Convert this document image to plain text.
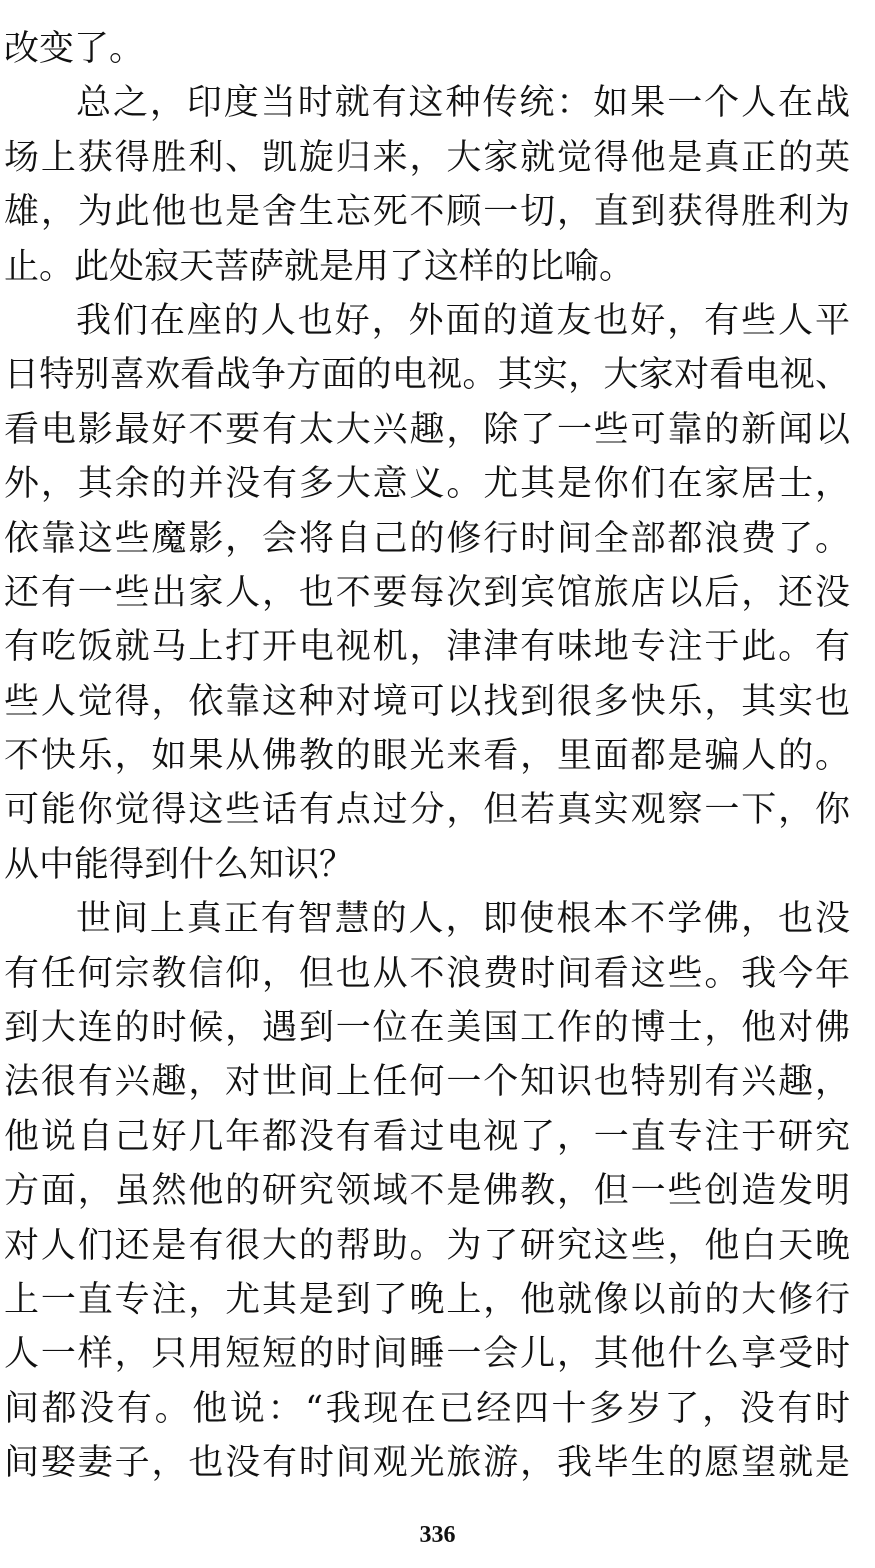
改变了。
总之，印度当时就有这种传统：如果一个人在战
场上获得胜利、凯旋归来，大家就觉得他是真正的英
雄，为此他也是舍生忘死不顾一切，直到获得胜利为
止。此处寂天菩萨就是用了这样的比喻。
我们在座的人也好，外面的道友也好，有些人平
日特别喜欢看战争方面的电视。其实，大家对看电视、
看电影最好不要有太大兴趣，除了一些可靠的新闻以
外，其余的并没有多大意义。尤其是你们在家居士，
依靠这些魔影，会将自己的修行时间全部都浪费了。
还有一些出家人，也不要每次到宾馆旅店以后，还没
有吃饭就马上打开电视机，津津有味地专注于此。有
些人觉得，依靠这种对境可以找到很多快乐，其实也
不快乐，如果从佛教的眼光来看，里面都是骗人的。
可能你觉得这些话有点过分，但若真实观察一下，你
从中能得到什么知识？
世间上真正有智慧的人，即使根本不学佛，也没
有任何宗教信仰，但也从不浪费时间看这些。我今年
到大连的时候，遇到一位在美国工作的博士，他对佛
法很有兴趣，对世间上任何一个知识也特别有兴趣，
他说自己好几年都没有看过电视了，一直专注于研究
方面，虽然他的研究领域不是佛教，但一些创造发明
对人们还是有很大的帮助。为了研究这些，他白天晚
上一直专注，尤其是到了晚上，他就像以前的大修行
人一样，只用短短的时间睡一会儿，其他什么享受时
间都没有。他说：“我现在已经四十多岁了，没有时
间娶妻子，也没有时间观光旅游，我毕生的愿望就是
336
